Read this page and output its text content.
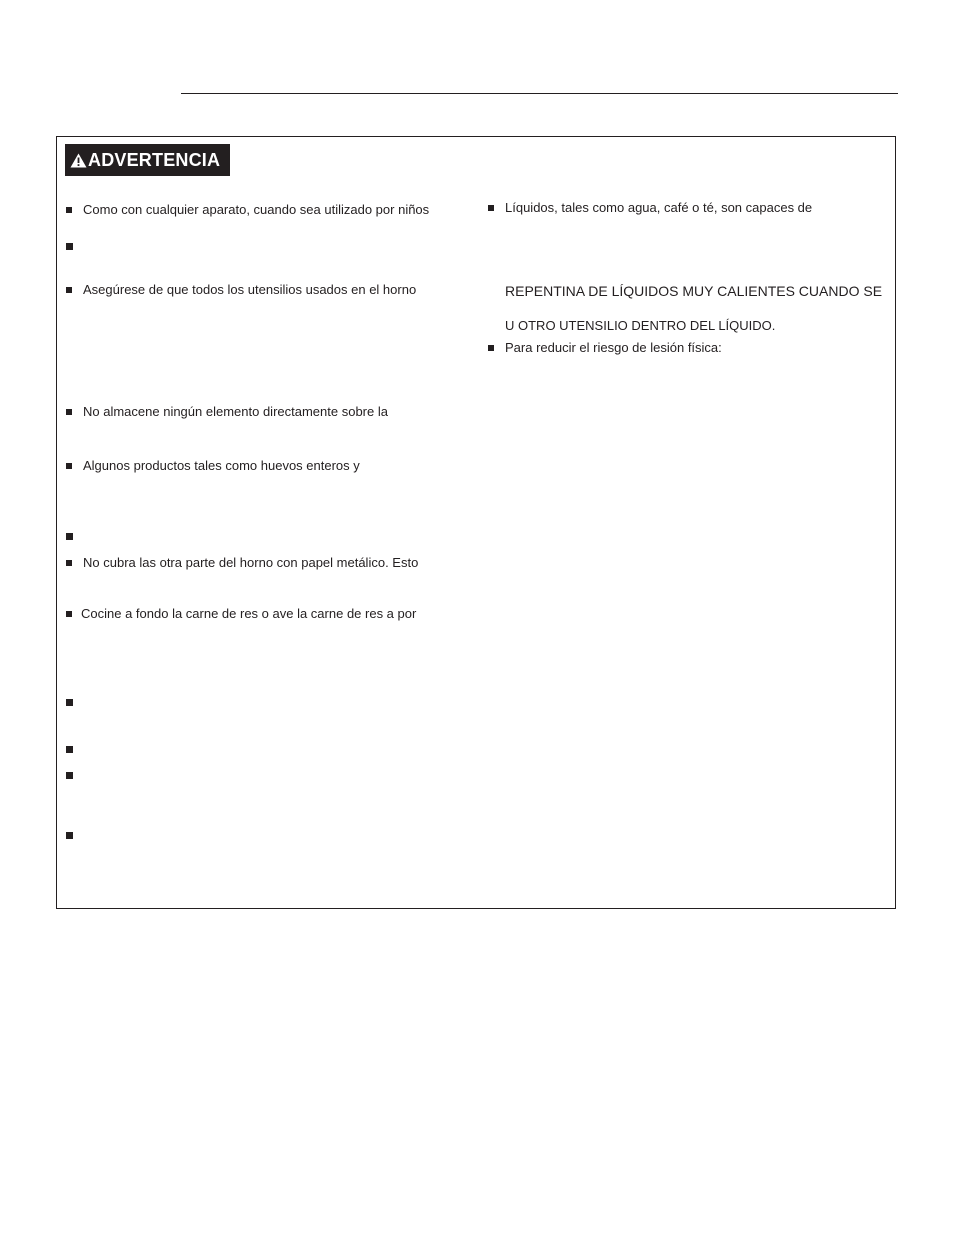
ADVERTENCIA
Como con cualquier aparato, cuando sea utilizado por niños
Asegúrese de que todos los utensilios usados en el horno
No almacene ningún elemento directamente sobre la
Algunos productos tales como huevos enteros y
No cubra las otra parte del horno con papel metálico. Esto
Cocine a fondo la carne de res o ave la carne de res a por
Líquidos, tales como agua, café o té, son capaces de
REPENTINA DE LÍQUIDOS MUY CALIENTES CUANDO SE
U OTRO UTENSILIO DENTRO DEL LÍQUIDO.
Para reducir el riesgo de lesión física:
